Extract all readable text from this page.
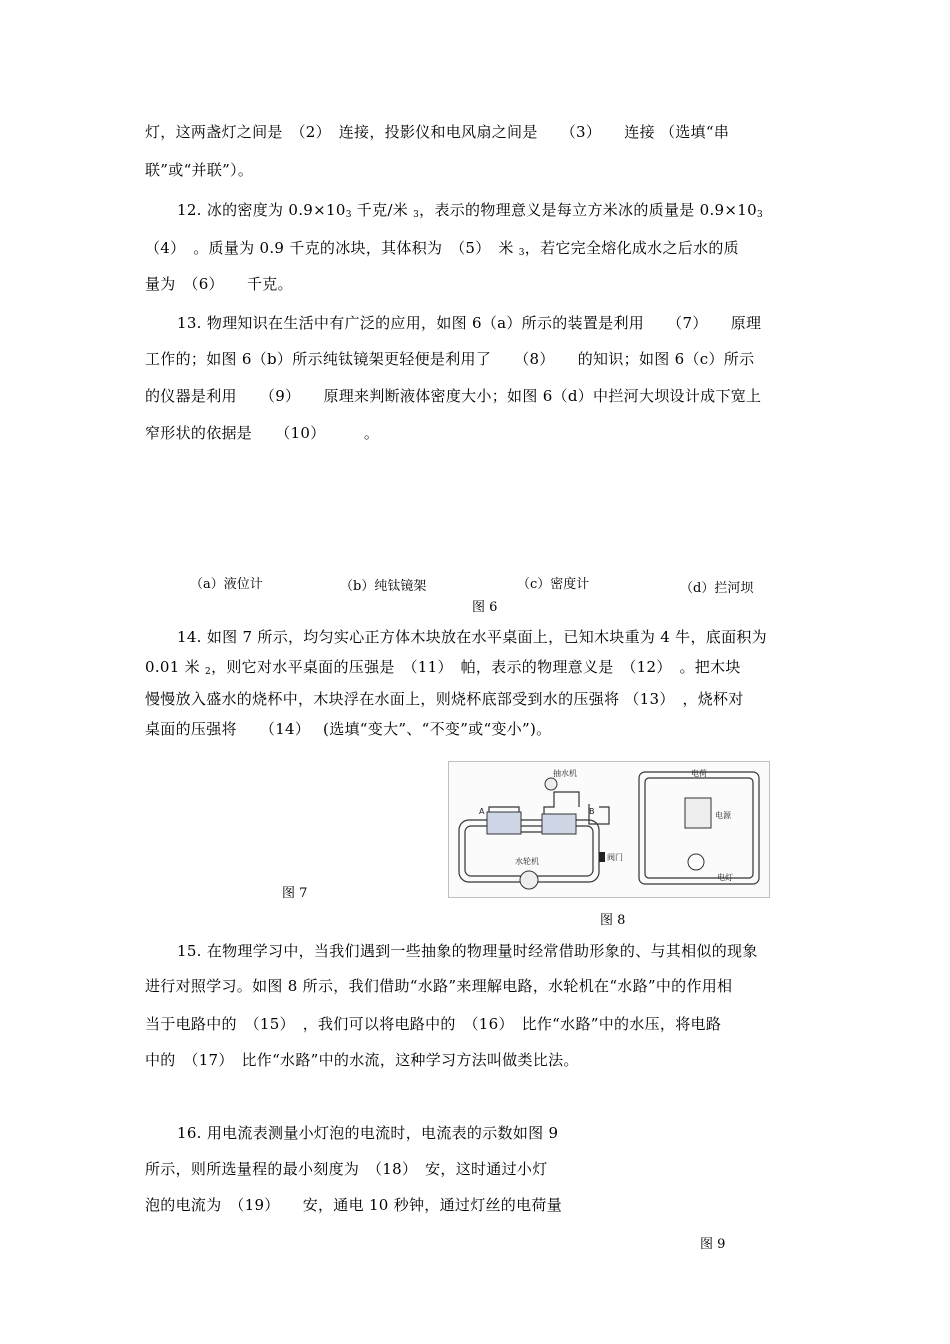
灯，这两盏灯之间是　（2）　连接，投影仪和电风扇之间是　　（3）　　连接 （选填“串
联”或“并联”）。
12. 冰的密度为 $0.9\times 10_3$ 千克/米 $_3$，表示的物理意义是每立方米冰的质量是 $0.9\times 10_3$
（4）　。质量为 0.9 千克的冰块，其体积为　（5）　米 $_3$，若它完全熔化成水之后水的质
量为　（6）　　千克。
13. 物理知识在生活中有广泛的应用，如图 6（a）所示的装置是利用　　（7）　　原理
工作的；如图 6（b）所示纯钛镜架更轻便是利用了　　（8）　　的知识；如图 6（c）所示
的仪器是利用　　（9）　　原理来判断液体密度大小；如图 6（d）中拦河大坝设计成下宽上
窄形状的依据是　　（10）　　　。
（a）液位计	（b）纯钛镜架	（c）密度计	（d）拦河坝
图 6
14. 如图 7 所示，均匀实心正方体木块放在水平桌面上，已知木块重为 4 牛，底面积为
0.01 米 $_2$，则它对水平桌面的压强是　（11）　帕，表示的物理意义是　（12）　。把木块
慢慢放入盛水的烧杯中，木块浮在水面上，则烧杯底部受到水的压强将 （13）　，烧杯对
桌面的压强将　　（14）　 (选填“变大”、“不变”或“变小”)。
抽水机
A	B
水轮机	阀门
电荷
电源
电灯
图 7
图 8
15. 在物理学习中，当我们遇到一些抽象的物理量时经常借助形象的、与其相似的现象
进行对照学习。如图 8 所示，我们借助“水路”来理解电路，水轮机在“水路”中的作用相
当于电路中的　（15）　，我们可以将电路中的　（16）　比作“水路”中的水压，将电路
中的　（17）　比作“水路”中的水流，这种学习方法叫做类比法。
16. 用电流表测量小灯泡的电流时，电流表的示数如图 9
所示，则所选量程的最小刻度为　（18）　安，这时通过小灯
泡的电流为　（19）　　安，通电 10 秒钟，通过灯丝的电荷量
图 9
